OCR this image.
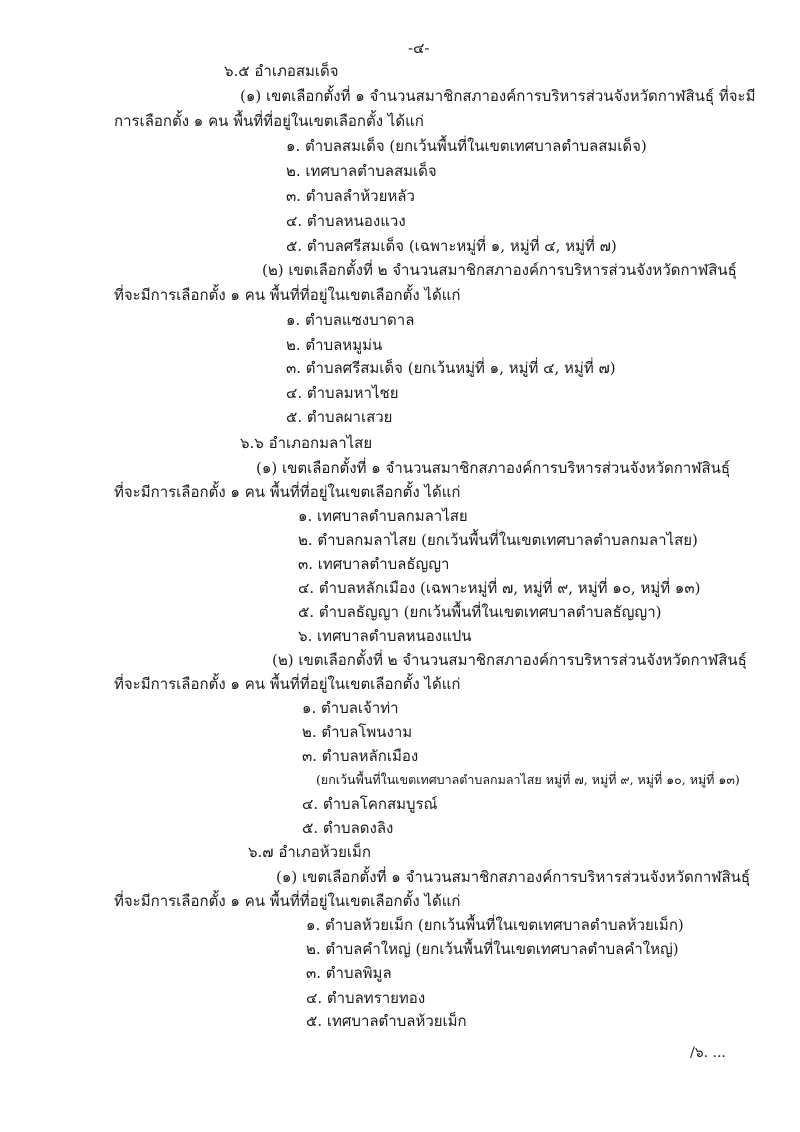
-๔-
๖.๕ อำเภอสมเด็จ
(๑) เขตเลือกตั้งที่ ๑ จำนวนสมาชิกสภาองค์การบริหารส่วนจังหวัดกาฬสินธุ์ ที่จะมี
การเลือกตั้ง ๑ คน พื้นที่ที่อยู่ในเขตเลือกตั้ง ได้แก่
๑. ตำบลสมเด็จ (ยกเว้นพื้นที่ในเขตเทศบาลตำบลสมเด็จ)
๒. เทศบาลตำบลสมเด็จ
๓. ตำบลลำห้วยหลัว
๔. ตำบลหนองแวง
๕. ตำบลศรีสมเด็จ (เฉพาะหมู่ที่ ๑, หมู่ที่ ๔, หมู่ที่ ๗)
(๒) เขตเลือกตั้งที่ ๒ จำนวนสมาชิกสภาองค์การบริหารส่วนจังหวัดกาฬสินธุ์
ที่จะมีการเลือกตั้ง ๑ คน พื้นที่ที่อยู่ในเขตเลือกตั้ง ได้แก่
๑. ตำบลแซงบาดาล
๒. ตำบลหมูม่น
๓. ตำบลศรีสมเด็จ (ยกเว้นหมู่ที่ ๑, หมู่ที่ ๔, หมู่ที่ ๗)
๔. ตำบลมหาไชย
๕. ตำบลผาเสวย
๖.๖ อำเภอกมลาไสย
(๑) เขตเลือกตั้งที่ ๑ จำนวนสมาชิกสภาองค์การบริหารส่วนจังหวัดกาฬสินธุ์
ที่จะมีการเลือกตั้ง ๑ คน พื้นที่ที่อยู่ในเขตเลือกตั้ง ได้แก่
๑. เทศบาลตำบลกมลาไสย
๒. ตำบลกมลาไสย (ยกเว้นพื้นที่ในเขตเทศบาลตำบลกมลาไสย)
๓. เทศบาลตำบลธัญญา
๔. ตำบลหลักเมือง (เฉพาะหมู่ที่ ๗, หมู่ที่ ๙, หมู่ที่ ๑๐, หมู่ที่ ๑๓)
๕. ตำบลธัญญา (ยกเว้นพื้นที่ในเขตเทศบาลตำบลธัญญา)
๖. เทศบาลตำบลหนองแปน
(๒) เขตเลือกตั้งที่ ๒ จำนวนสมาชิกสภาองค์การบริหารส่วนจังหวัดกาฬสินธุ์
ที่จะมีการเลือกตั้ง ๑ คน พื้นที่ที่อยู่ในเขตเลือกตั้ง ได้แก่
๑. ตำบลเจ้าท่า
๒. ตำบลโพนงาม
๓. ตำบลหลักเมือง
(ยกเว้นพื้นที่ในเขตเทศบาลตำบลกมลาไสย หมู่ที่ ๗, หมู่ที่ ๙, หมู่ที่ ๑๐, หมู่ที่ ๑๓)
๔. ตำบลโคกสมบูรณ์
๕. ตำบลดงลิง
๖.๗ อำเภอห้วยเม็ก
(๑) เขตเลือกตั้งที่ ๑ จำนวนสมาชิกสภาองค์การบริหารส่วนจังหวัดกาฬสินธุ์
ที่จะมีการเลือกตั้ง ๑ คน พื้นที่ที่อยู่ในเขตเลือกตั้ง ได้แก่
๑. ตำบลห้วยเม็ก (ยกเว้นพื้นที่ในเขตเทศบาลตำบลห้วยเม็ก)
๒. ตำบลคำใหญ่ (ยกเว้นพื้นที่ในเขตเทศบาลตำบลคำใหญ่)
๓. ตำบลพิมูล
๔. ตำบลทรายทอง
๕. เทศบาลตำบลห้วยเม็ก
/๖. ...
